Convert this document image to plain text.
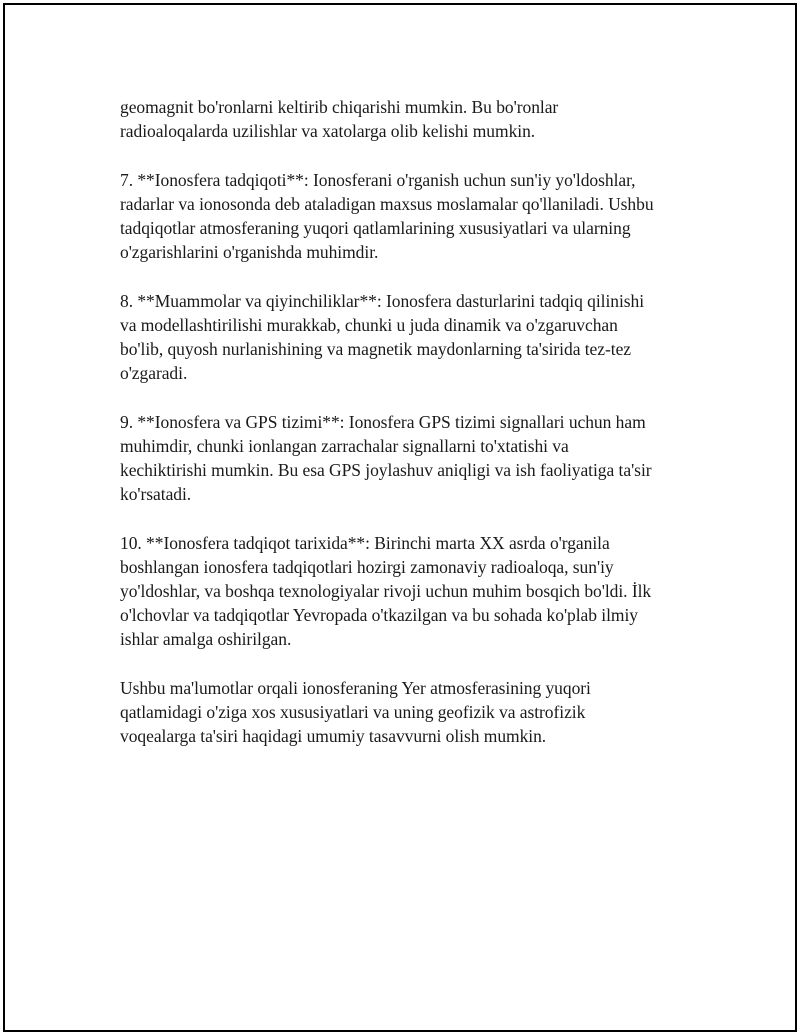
geomagnit bo'ronlarni keltirib chiqarishi mumkin. Bu bo'ronlar
radioaloqalarda uzilishlar va xatolarga olib kelishi mumkin.

7. **Ionosfera tadqiqoti**: Ionosferani o'rganish uchun sun'iy yo'ldoshlar,
radarlar va ionosonda deb ataladigan maxsus moslamalar qo'llaniladi. Ushbu
tadqiqotlar atmosferaning yuqori qatlamlarining xususiyatlari va ularning
o'zgarishlarini o'rganishda muhimdir.

8. **Muammolar va qiyinchiliklar**: Ionosfera dasturlarini tadqiq qilinishi
va modellashtirilishi murakkab, chunki u juda dinamik va o'zgaruvchan
bo'lib, quyosh nurlanishining va magnetik maydonlarning ta'sirida tez-tez
o'zgaradi.

9. **Ionosfera va GPS tizimi**: Ionosfera GPS tizimi signallari uchun ham
muhimdir, chunki ionlangan zarrachalar signallarni to'xtatishi va
kechiktirishi mumkin. Bu esa GPS joylashuv aniqligi va ish faoliyatiga ta'sir
ko'rsatadi.

10. **Ionosfera tadqiqot tarixida**: Birinchi marta XX asrda o'rganila
boshlangan ionosfera tadqiqotlari hozirgi zamonaviy radioaloqa, sun'iy
yo'ldoshlar, va boshqa texnologiyalar rivoji uchun muhim bosqich bo'ldi. İlk
o'lchovlar va tadqiqotlar Yevropada o'tkazilgan va bu sohada ko'plab ilmiy
ishlar amalga oshirilgan.

Ushbu ma'lumotlar orqali ionosferaning Yer atmosferasining yuqori
qatlamidagi o'ziga xos xususiyatlari va uning geofizik va astrofizik
voqealarga ta'siri haqidagi umumiy tasavvurni olish mumkin.
